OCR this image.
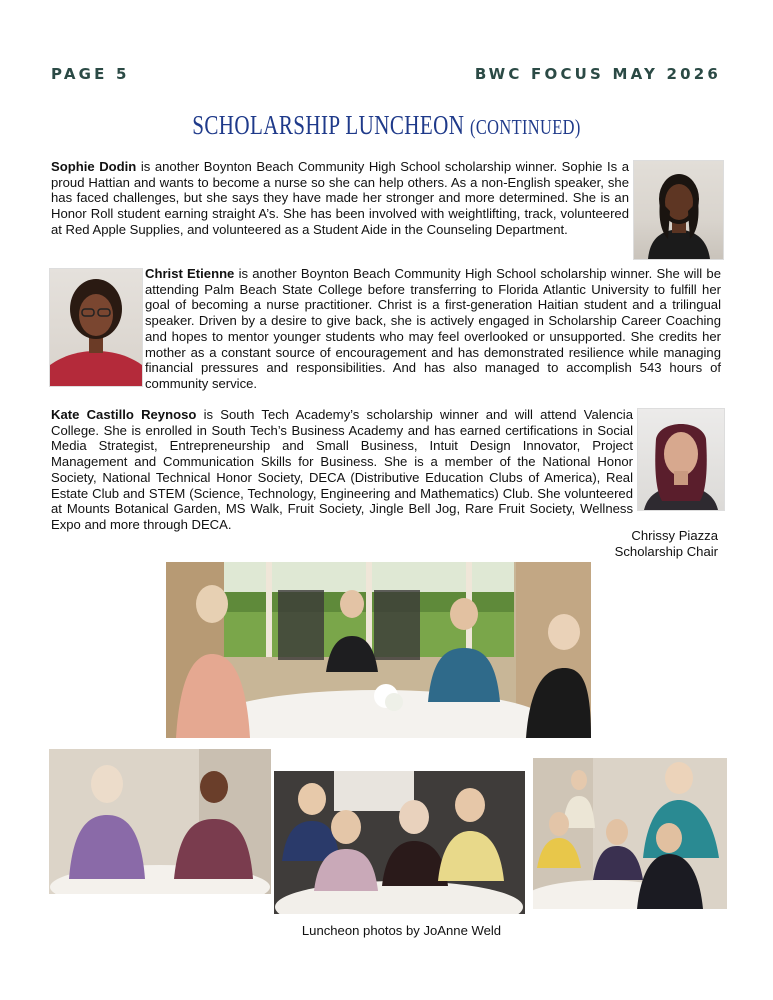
PAGE 5	BWC FOCUS MAY 2026
SCHOLARSHIP LUNCHEON (CONTINUED)

Sophie Dodin is another Boynton Beach Community High School scholarship winner. Sophie Is a proud Hattian and wants to become a nurse so she can help others. As a non-English speaker, she has faced challenges, but she says they have made her stronger and more determined. She is an Honor Roll student earning straight A’s. She has been involved with weightlifting, track, volunteered at Red Apple Supplies, and volunteered as a Student Aide in the Counseling Department.

Christ Etienne is another Boynton Beach Community High School scholarship winner. She will be attending Palm Beach State College before transferring to Florida Atlantic University to fulfill her goal of becoming a nurse practitioner. Christ is a first-generation Haitian student and a trilingual speaker. Driven by a desire to give back, she is actively engaged in Scholarship Career Coaching and hopes to mentor younger students who may feel overlooked or unsupported. She credits her mother as a constant source of encouragement and has demonstrated resilience while managing financial pressures and responsibilities. And has also managed to accomplish 543 hours of community service.

Kate Castillo Reynoso is South Tech Academy’s scholarship winner and will attend Valencia College. She is enrolled in South Tech’s Business Academy and has earned certifications in Social Media Strategist, Entrepreneurship and Small Business, Intuit Design Innovator, Project Management and Communication Skills for Business. She is a member of the National Honor Society, National Technical Honor Society, DECA (Distributive Education Clubs of America), Real Estate Club and STEM (Science, Technology, Engineering and Mathematics) Club. She volunteered at Mounts Botanical Garden, MS Walk, Fruit Society, Jingle Bell Jog, Rare Fruit Society, Wellness Expo and more through DECA.

Chrissy Piazza
Scholarship Chair
Luncheon photos by JoAnne Weld
